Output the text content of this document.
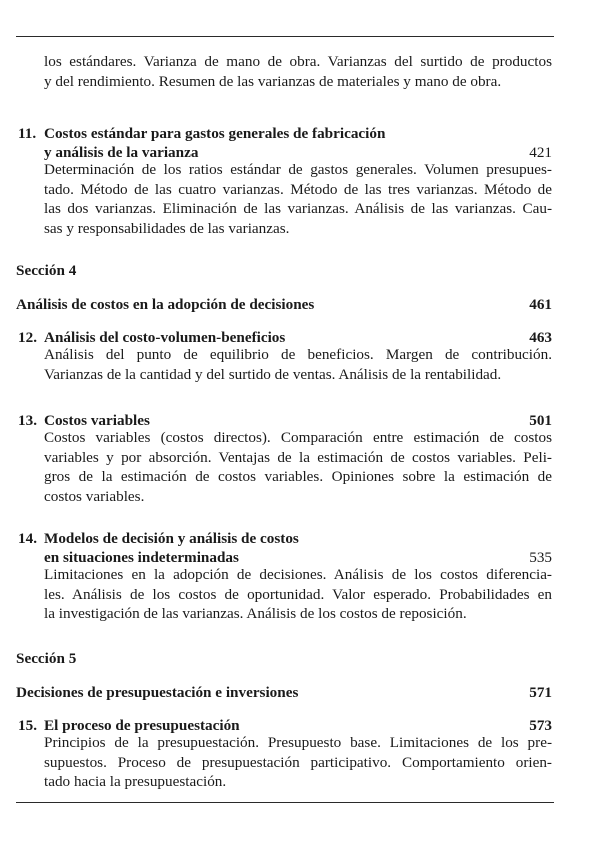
los estándares. Varianza de mano de obra. Varianzas del surtido de productos
y del rendimiento. Resumen de las varianzas de materiales y mano de obra.
11. Costos estándar para gastos generales de fabricación
y análisis de la varianza	421
Determinación de los ratios estándar de gastos generales. Volumen presupues-
tado. Método de las cuatro varianzas. Método de las tres varianzas. Método de
las dos varianzas. Eliminación de las varianzas. Análisis de las varianzas. Cau-
sas y responsabilidades de las varianzas.
Sección 4
Análisis de costos en la adopción de decisiones	461
12. Análisis del costo-volumen-beneficios	463
Análisis del punto de equilibrio de beneficios. Margen de contribución.
Varianzas de la cantidad y del surtido de ventas. Análisis de la rentabilidad.
13. Costos variables	501
Costos variables (costos directos). Comparación entre estimación de costos
variables y por absorción. Ventajas de la estimación de costos variables. Peli-
gros de la estimación de costos variables. Opiniones sobre la estimación de
costos variables.
14. Modelos de decisión y análisis de costos
en situaciones indeterminadas	535
Limitaciones en la adopción de decisiones. Análisis de los costos diferencia-
les. Análisis de los costos de oportunidad. Valor esperado. Probabilidades en
la investigación de las varianzas. Análisis de los costos de reposición.
Sección 5
Decisiones de presupuestación e inversiones	571
15. El proceso de presupuestación	573
Principios de la presupuestación. Presupuesto base. Limitaciones de los pre-
supuestos. Proceso de presupuestación participativo. Comportamiento orien-
tado hacia la presupuestación.
